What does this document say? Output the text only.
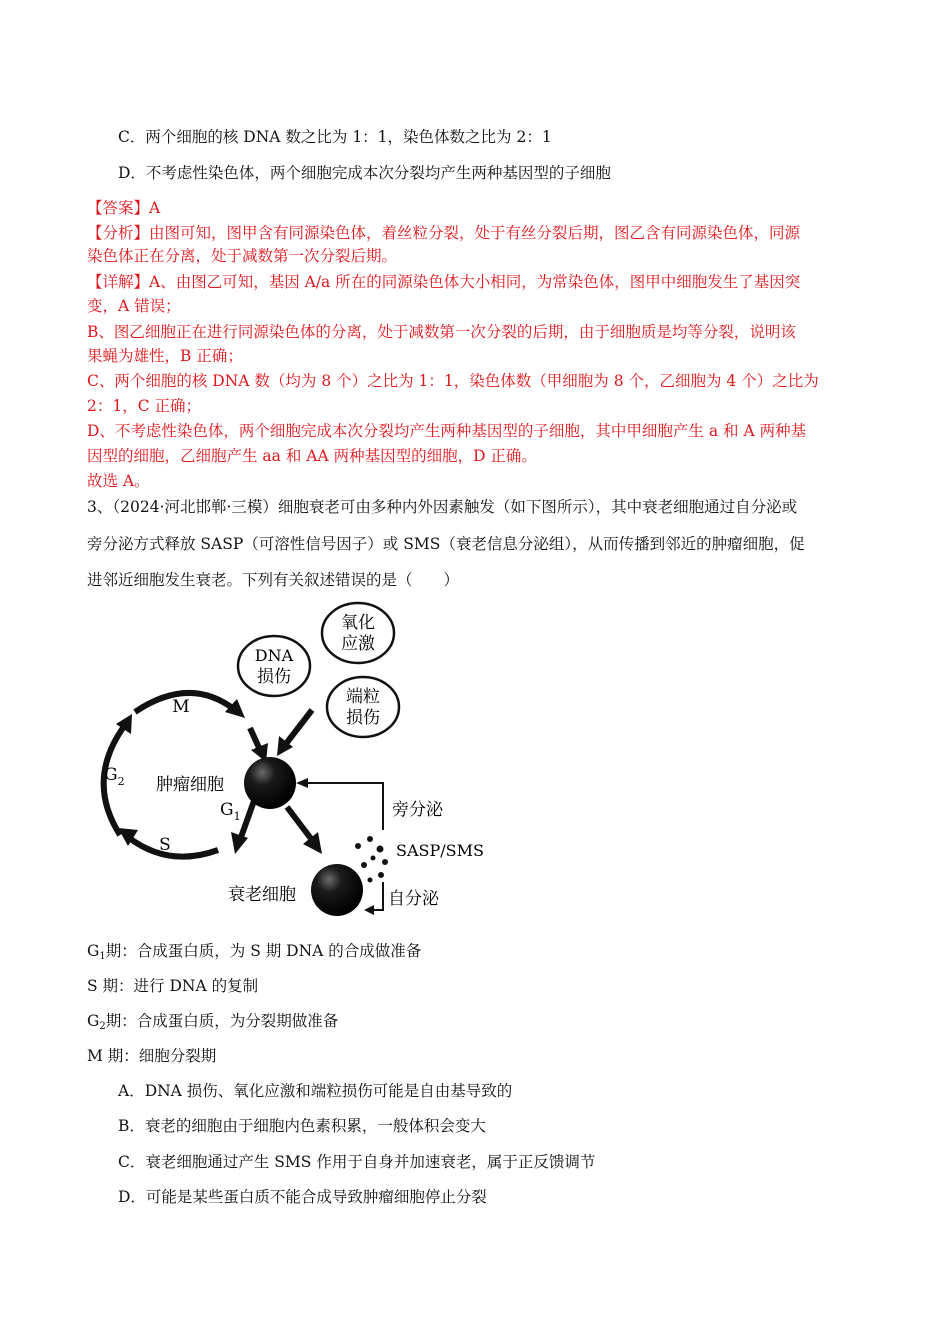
C．两个细胞的核 DNA 数之比为 1：1，染色体数之比为 2：1
D．不考虑性染色体，两个细胞完成本次分裂均产生两种基因型的子细胞
【答案】A
【分析】由图可知，图甲含有同源染色体，着丝粒分裂，处于有丝分裂后期，图乙含有同源染色体，同源
染色体正在分离，处于减数第一次分裂后期。
【详解】A、由图乙可知，基因 A/a 所在的同源染色体大小相同，为常染色体，图甲中细胞发生了基因突
变，A 错误；
B、图乙细胞正在进行同源染色体的分离，处于减数第一次分裂的后期，由于细胞质是均等分裂，说明该
果蝇为雄性，B 正确；
C、两个细胞的核 DNA 数（均为 8 个）之比为 1：1，染色体数（甲细胞为 8 个，乙细胞为 4 个）之比为
2：1，C 正确；
D、不考虑性染色体，两个细胞完成本次分裂均产生两种基因型的子细胞，其中甲细胞产生 a 和 A 两种基
因型的细胞，乙细胞产生 aa 和 AA 两种基因型的细胞，D 正确。
故选 A。
3、（2024·河北邯郸·三模）细胞衰老可由多种内外因素触发（如下图所示），其中衰老细胞通过自分泌或
旁分泌方式释放 SASP（可溶性信号因子）或 SMS（衰老信息分泌组），从而传播到邻近的肿瘤细胞，促
进邻近细胞发生衰老。下列有关叙述错误的是（　　）
氧化
应激
DNA
损伤
端粒
损伤
M
$G_2$
S
$G_1$
肿瘤细胞
衰老细胞
旁分泌
SASP/SMS
自分泌
$G_1$期：合成蛋白质，为 S 期 DNA 的合成做准备
S 期：进行 DNA 的复制
$G_2$期：合成蛋白质，为分裂期做准备
M 期：细胞分裂期
A．DNA 损伤、氧化应激和端粒损伤可能是自由基导致的
B．衰老的细胞由于细胞内色素积累，一般体积会变大
C．衰老细胞通过产生 SMS 作用于自身并加速衰老，属于正反馈调节
D．可能是某些蛋白质不能合成导致肿瘤细胞停止分裂
